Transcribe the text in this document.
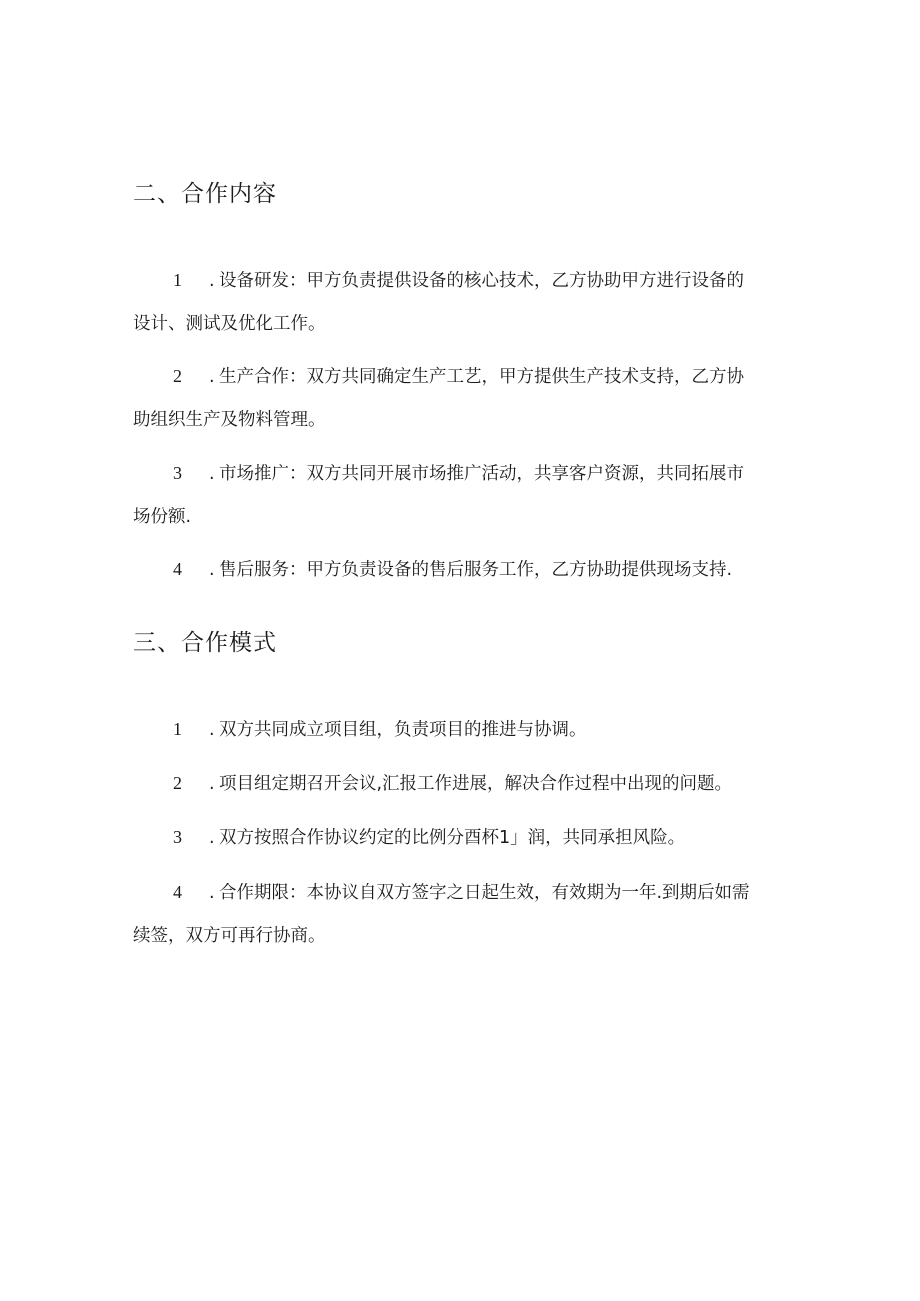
二、合作内容
1 . 设备研发：甲方负责提供设备的核心技术，乙方协助甲方进行设备的
设计、测试及优化工作。
2 . 生产合作：双方共同确定生产工艺，甲方提供生产技术支持，乙方协
助组织生产及物料管理。
3 . 市场推广：双方共同开展市场推广活动，共享客户资源，共同拓展市
场份额.
4 . 售后服务：甲方负责设备的售后服务工作，乙方协助提供现场支持.
三、合作模式
1 . 双方共同成立项目组，负责项目的推进与协调。
2 . 项目组定期召开会议,汇报工作进展，解决合作过程中出现的问题。
3 . 双方按照合作协议约定的比例分酉杯1」润，共同承担风险。
4 . 合作期限：本协议自双方签字之日起生效，有效期为一年.到期后如需
续签，双方可再行协商。
